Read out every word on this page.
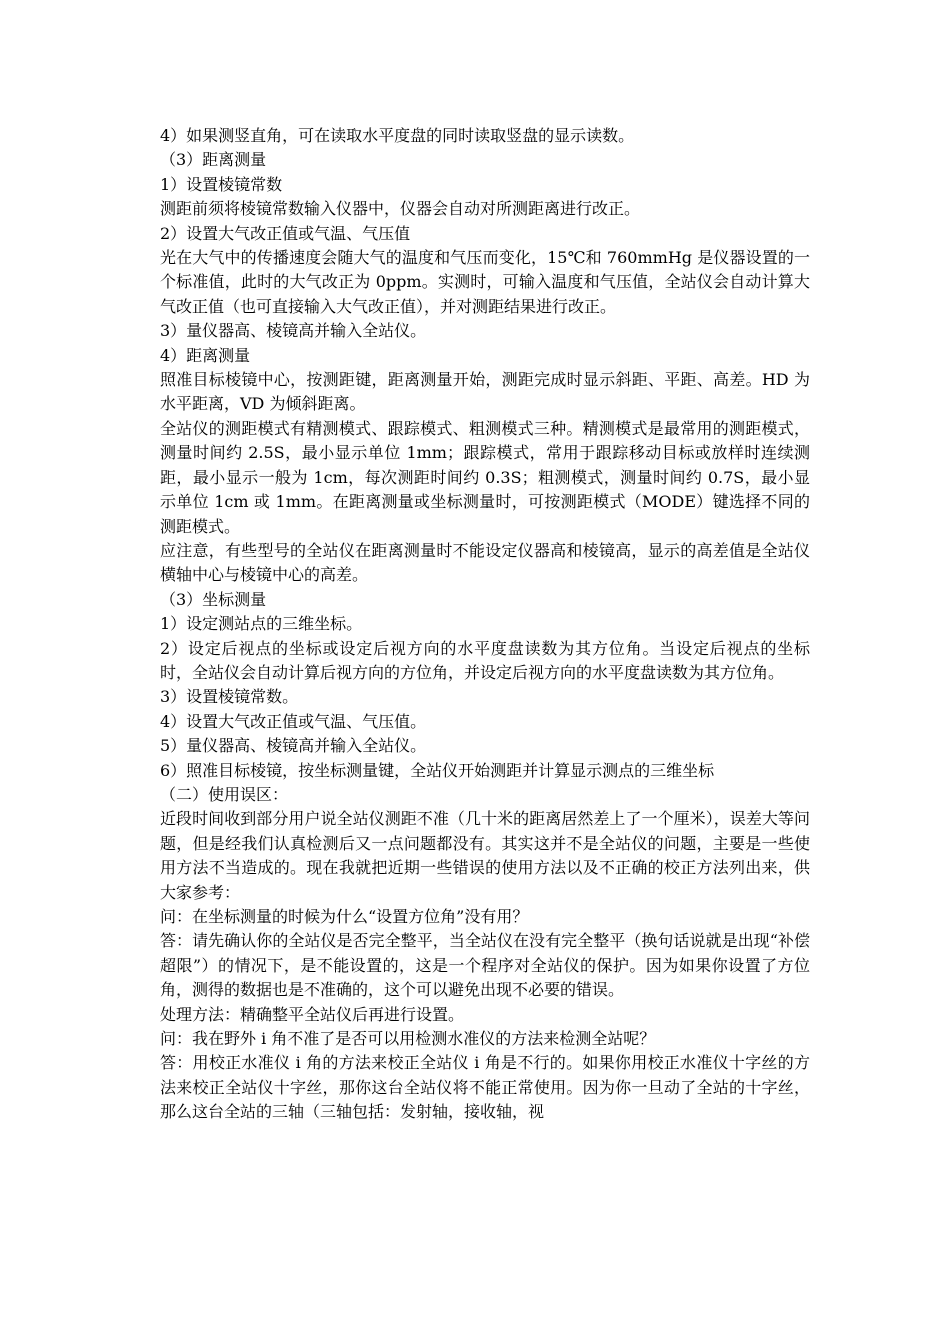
4）如果测竖直角，可在读取水平度盘的同时读取竖盘的显示读数。

（3）距离测量

1）设置棱镜常数

测距前须将棱镜常数输入仪器中，仪器会自动对所测距离进行改正。

2）设置大气改正值或气温、气压值

光在大气中的传播速度会随大气的温度和气压而变化，15℃和 760mmHg 是仪器设置的一个标准值，此时的大气改正为 0ppm。实测时，可输入温度和气压值，全站仪会自动计算大气改正值（也可直接输入大气改正值），并对测距结果进行改正。

3）量仪器高、棱镜高并输入全站仪。

4）距离测量

照准目标棱镜中心，按测距键，距离测量开始，测距完成时显示斜距、平距、高差。HD 为水平距离，VD 为倾斜距离。

全站仪的测距模式有精测模式、跟踪模式、粗测模式三种。精测模式是最常用的测距模式，测量时间约 2.5S，最小显示单位 1mm；跟踪模式，常用于跟踪移动目标或放样时连续测距，最小显示一般为 1cm，每次测距时间约 0.3S；粗测模式，测量时间约 0.7S，最小显示单位 1cm 或 1mm。在距离测量或坐标测量时，可按测距模式（MODE）键选择不同的测距模式。

应注意，有些型号的全站仪在距离测量时不能设定仪器高和棱镜高，显示的高差值是全站仪横轴中心与棱镜中心的高差。

（3）坐标测量

1）设定测站点的三维坐标。

2）设定后视点的坐标或设定后视方向的水平度盘读数为其方位角。当设定后视点的坐标时，全站仪会自动计算后视方向的方位角，并设定后视方向的水平度盘读数为其方位角。

3）设置棱镜常数。

4）设置大气改正值或气温、气压值。

5）量仪器高、棱镜高并输入全站仪。

6）照准目标棱镜，按坐标测量键，全站仪开始测距并计算显示测点的三维坐标

（二）使用误区：

近段时间收到部分用户说全站仪测距不准（几十米的距离居然差上了一个厘米），误差大等问题，但是经我们认真检测后又一点问题都没有。其实这并不是全站仪的问题，主要是一些使用方法不当造成的。现在我就把近期一些错误的使用方法以及不正确的校正方法列出来，供大家参考：

问：在坐标测量的时候为什么“设置方位角”没有用？

答：请先确认你的全站仪是否完全整平，当全站仪在没有完全整平（换句话说就是出现“补偿超限”）的情况下，是不能设置的，这是一个程序对全站仪的保护。因为如果你设置了方位角，测得的数据也是不准确的，这个可以避免出现不必要的错误。

处理方法：精确整平全站仪后再进行设置。

问：我在野外 i 角不准了是否可以用检测水准仪的方法来检测全站呢？

答：用校正水准仪 i 角的方法来校正全站仪 i 角是不行的。如果你用校正水准仪十字丝的方法来校正全站仪十字丝，那你这台全站仪将不能正常使用。因为你一旦动了全站的十字丝，那么这台全站的三轴（三轴包括：发射轴，接收轴，视
